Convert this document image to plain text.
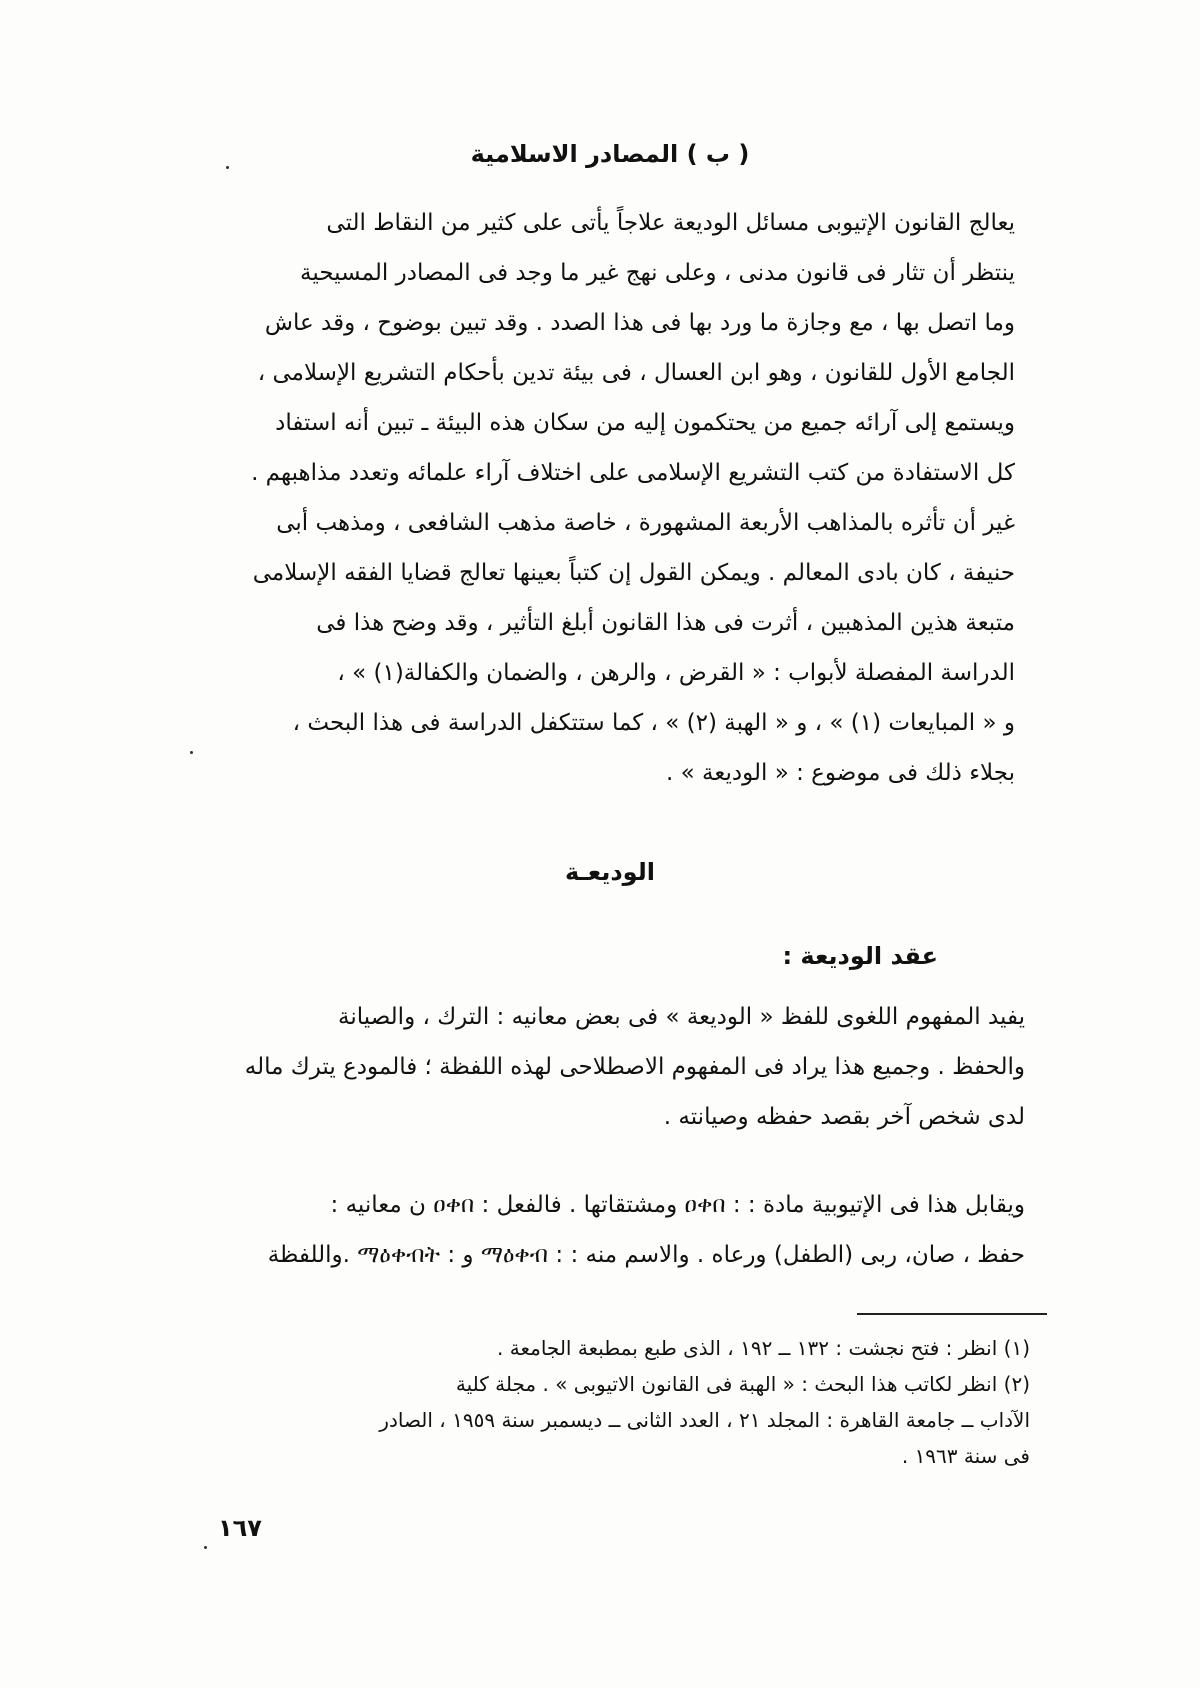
( ب ) المصادر الاسلامية
يعالج القانون الإتيوبى مسائل الوديعة علاجاً يأتى على كثير من النقاط التى
ينتظر أن تثار فى قانون مدنى ، وعلى نهج غير ما وجد فى المصادر المسيحية
وما اتصل بها ، مع وجازة ما ورد بها فى هذا الصدد . وقد تبين بوضوح ، وقد عاش
الجامع الأول للقانون ، وهو ابن العسال ، فى بيئة تدين بأحكام التشريع الإسلامى ،
ويستمع إلى آرائه جميع من يحتكمون إليه من سكان هذه البيئة ـ تبين أنه استفاد
كل الاستفادة من كتب التشريع الإسلامى على اختلاف آراء علمائه وتعدد مذاهبهم .
غير أن تأثره بالمذاهب الأربعة المشهورة ، خاصة مذهب الشافعى ، ومذهب أبى
حنيفة ، كان بادى المعالم . ويمكن القول إن كتباً بعينها تعالج قضايا الفقه الإسلامى
متبعة هذين المذهبين ، أثرت فى هذا القانون أبلغ التأثير ، وقد وضح هذا فى
الدراسة المفصلة لأبواب : « القرض ، والرهن ، والضمان والكفالة(١) » ،
و « المبايعات (١) » ، و « الهبة (٢) » ، كما ستتكفل الدراسة فى هذا البحث ،
بجلاء ذلك فى موضوع : « الوديعة » .
الوديعـة
عقد الوديعة :
يفيد المفهوم اللغوى للفظ « الوديعة » فى بعض معانيه : الترك ، والصيانة
والحفظ . وجميع هذا يراد فى المفهوم الاصطلاحى لهذه اللفظة ؛ فالمودع يترك ماله
لدى شخص آخر بقصد حفظه وصيانته .
ويقابل هذا فى الإتيوبية مادة : : ዐቀበ ومشتقاتها . فالفعل : ዐቀበ ن معانيه :
حفظ ، صان، ربى (الطفل) ورعاه . والاسم منه : : ማዕቀብ و : ማዕቀብት .واللفظة
(١) انظر : فتح نجشت : ١٣٢ ــ ١٩٢ ، الذى طبع بمطبعة الجامعة .
(٢) انظر لكاتب هذا البحث : « الهبة فى القانون الاتيوبى » . مجلة كلية
الآداب ــ جامعة القاهرة : المجلد ٢١ ، العدد الثانى ــ ديسمبر سنة ١٩٥٩ ، الصادر
فى سنة ١٩٦٣ .
١٦٧
